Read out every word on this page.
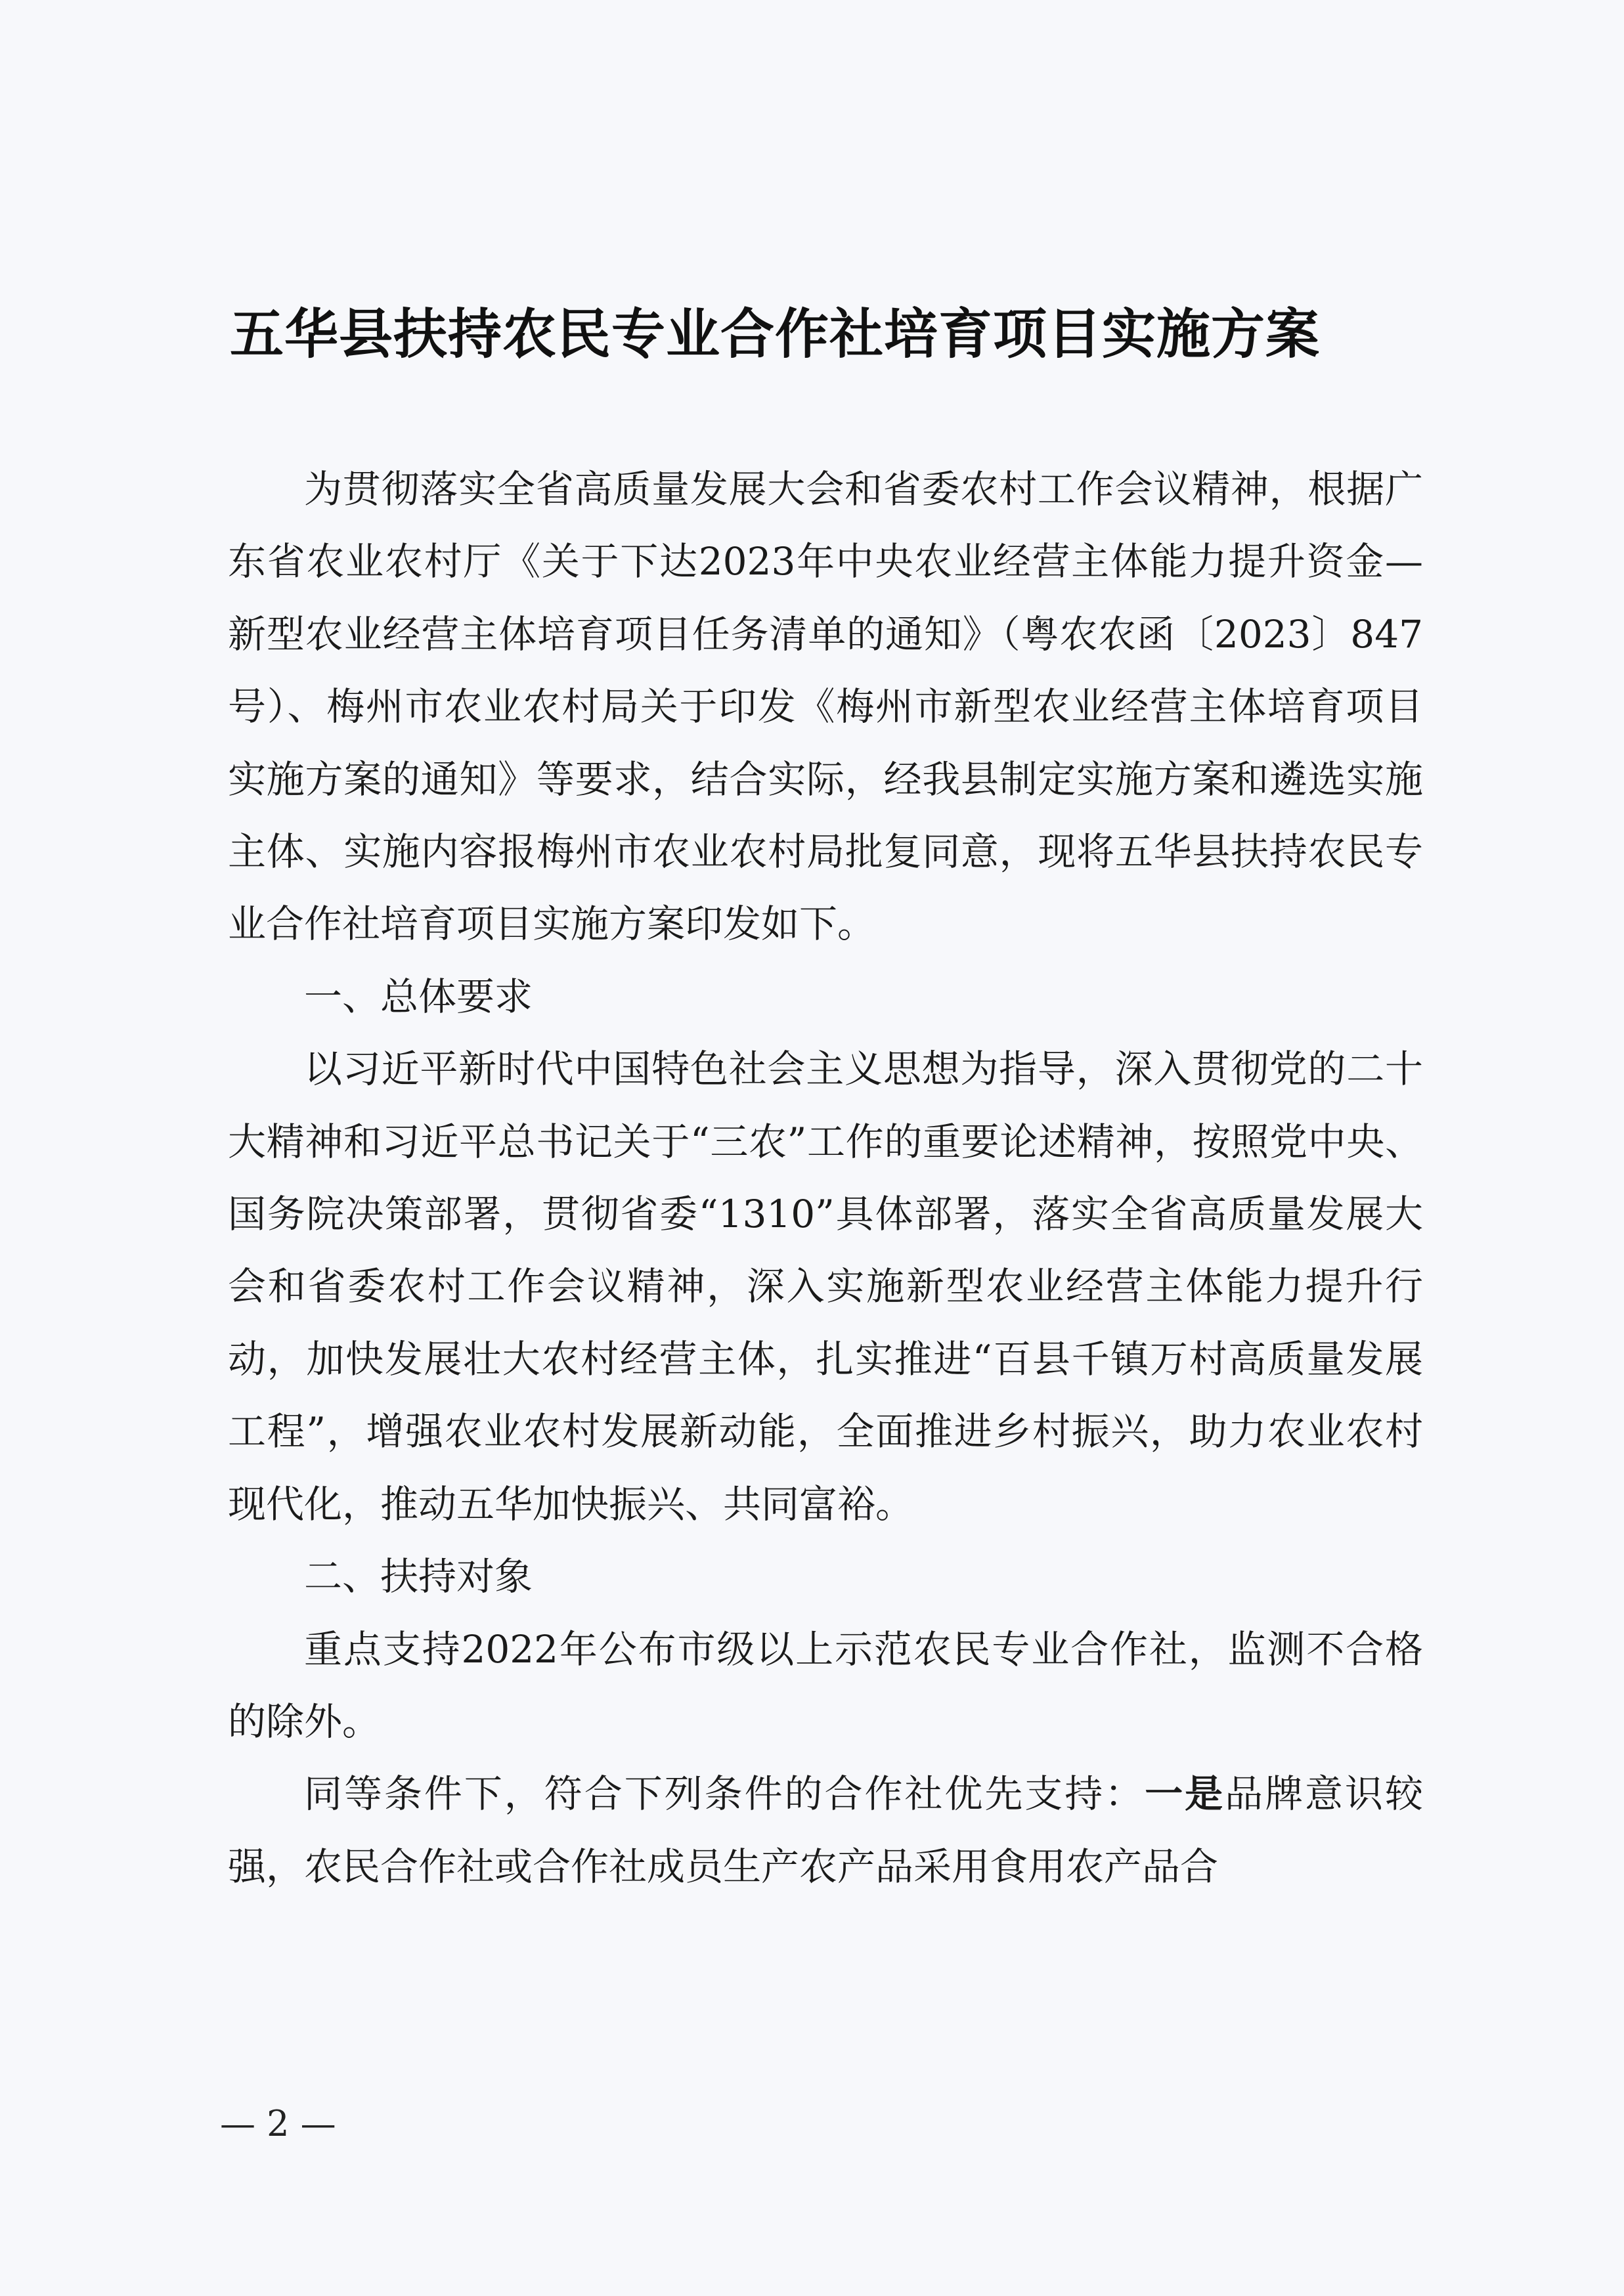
五华县扶持农民专业合作社培育项目实施方案

为贯彻落实全省高质量发展大会和省委农村工作会议精神，根据广东省农业农村厅《关于下达2023年中央农业经营主体能力提升资金—新型农业经营主体培育项目任务清单的通知》（粤农农函〔2023〕847号）、梅州市农业农村局关于印发《梅州市新型农业经营主体培育项目实施方案的通知》等要求，结合实际，经我县制定实施方案和遴选实施主体、实施内容报梅州市农业农村局批复同意，现将五华县扶持农民专业合作社培育项目实施方案印发如下。

一、总体要求

以习近平新时代中国特色社会主义思想为指导，深入贯彻党的二十大精神和习近平总书记关于“三农”工作的重要论述精神，按照党中央、国务院决策部署，贯彻省委“1310”具体部署，落实全省高质量发展大会和省委农村工作会议精神，深入实施新型农业经营主体能力提升行动，加快发展壮大农村经营主体，扎实推进“百县千镇万村高质量发展工程”，增强农业农村发展新动能，全面推进乡村振兴，助力农业农村现代化，推动五华加快振兴、共同富裕。

二、扶持对象

重点支持2022年公布市级以上示范农民专业合作社，监测不合格的除外。

同等条件下，符合下列条件的合作社优先支持：一是品牌意识较强，农民合作社或合作社成员生产农产品采用食用农产品合

— 2 —
